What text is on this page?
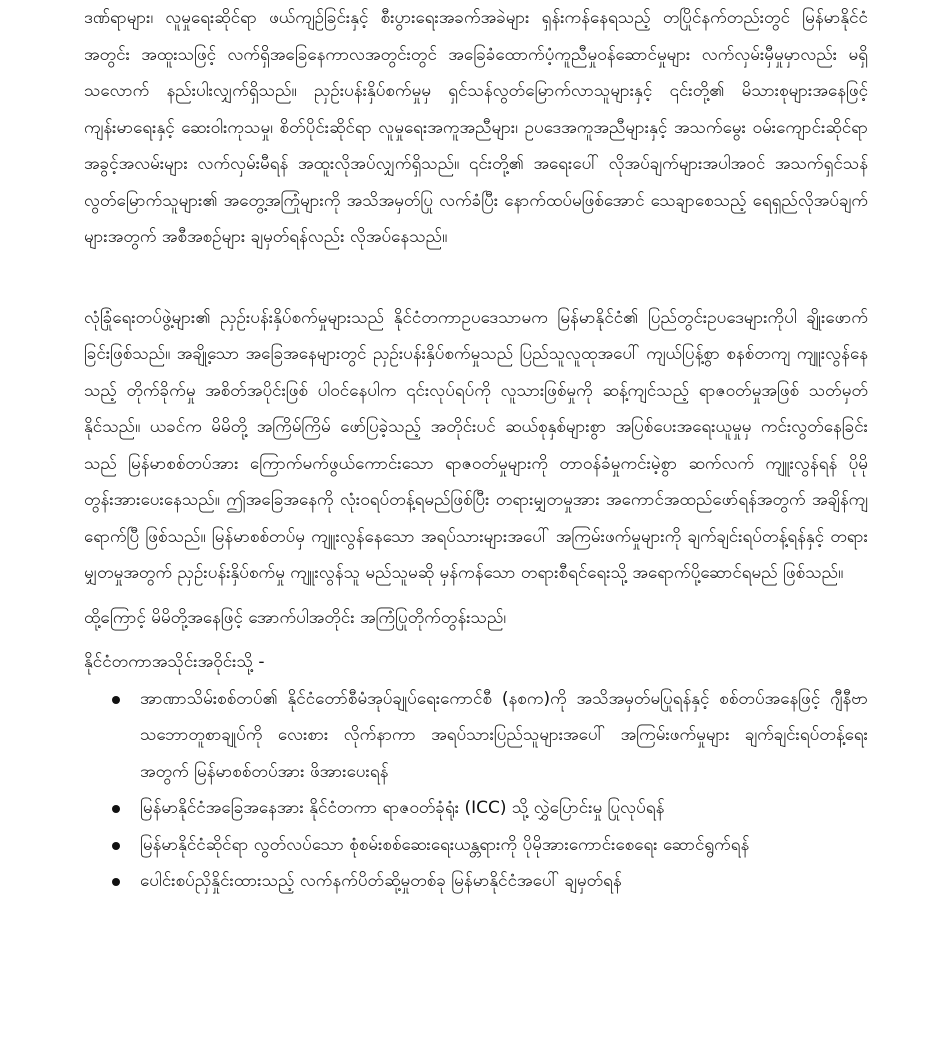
ဒဏ်ရာများ၊ လူမှုရေးဆိုင်ရာ ဖယ်ကျဉ်ခြင်းနှင့် စီးပွားရေးအခက်အခဲများ ရှန်းကန်နေရသည့် တပြိုင်နက်တည်းတွင် မြန်မာနိုင်ငံအတွင်း အထူးသဖြင့် လက်ရှိအခြေနေကာလအတွင်းတွင် အခြေခံထောက်ပံ့ကူညီမှုဝန်ဆောင်မှုများ လက်လှမ်းမှီမှုမှာလည်း မရှိသလောက် နည်းပါးလျှက်ရှိသည်။ ညှဉ်းပန်းနှိပ်စက်မှုမှ ရှင်သန်လွတ်မြောက်လာသူများနှင့် ၎င်းတို့၏ မိသားစုများအနေဖြင့် ကျန်းမာရေးနှင့် ဆေးဝါးကုသမှု၊ စိတ်ပိုင်းဆိုင်ရာ လူမှုရေးအကူအညီများ၊ ဥပဒေအကူအညီများနှင့် အသက်မွေး ဝမ်းကျောင်းဆိုင်ရာ အခွင့်အလမ်းများ လက်လှမ်းမီရန် အထူးလိုအပ်လျှက်ရှိသည်။ ၎င်းတို့၏ အရေးပေါ် လိုအပ်ချက်များအပါအဝင် အသက်ရှင်သန်လွတ်မြောက်သူများ၏ အတွေ့အကြုံများကို အသိအမှတ်ပြု လက်ခံပြီး နောက်ထပ်မဖြစ်အောင် သေချာစေသည့် ရေရှည်လိုအပ်ချက်များအတွက် အစီအစဉ်များ ချမှတ်ရန်လည်း လိုအပ်နေသည်။

လုံခြုံရေးတပ်ဖွဲ့များ၏ ညှဉ်းပန်းနှိပ်စက်မှုများသည် နိုင်ငံတကာဥပဒေသာမက မြန်မာနိုင်ငံ၏ ပြည်တွင်းဥပဒေများကိုပါ ချိုးဖောက်ခြင်းဖြစ်သည်။ အချို့သော အခြေအနေများတွင် ညှဉ်းပန်းနှိပ်စက်မှုသည် ပြည်သူလူထုအပေါ် ကျယ်ပြန့်စွာ စနစ်တကျ ကျူးလွန်နေသည့် တိုက်ခိုက်မှု အစိတ်အပိုင်းဖြစ် ပါဝင်နေပါက ၎င်းလုပ်ရပ်ကို လူသားဖြစ်မှုကို ဆန့်ကျင်သည့် ရာဇဝတ်မှုအဖြစ် သတ်မှတ်နိုင်သည်။ ယခင်က မိမိတို့ အကြိမ်ကြိမ် ဖော်ပြခဲ့သည့် အတိုင်းပင် ဆယ်စုနှစ်များစွာ အပြစ်ပေးအရေးယူမှုမှ ကင်းလွတ်နေခြင်းသည် မြန်မာစစ်တပ်အား ကြောက်မက်ဖွယ်ကောင်းသော ရာဇဝတ်မှုများကို တာဝန်ခံမှုကင်းမဲ့စွာ ဆက်လက် ကျူးလွန်ရန် ပိုမိုတွန်းအားပေးနေသည်။ ဤအခြေအနေကို လုံးဝရပ်တန့်ရမည်ဖြစ်ပြီး တရားမျှတမှုအား အကောင်အထည်ဖော်ရန်အတွက် အချိန်ကျရောက်ပြီ ဖြစ်သည်။ မြန်မာစစ်တပ်မှ ကျူးလွန်နေသော အရပ်သားများအပေါ် အကြမ်းဖက်မှုများကို ချက်ချင်းရပ်တန့်ရန်နှင့် တရားမျှတမှုအတွက် ညှဉ်းပန်းနှိပ်စက်မှု ကျူးလွန်သူ မည်သူမဆို မှန်ကန်သော တရားစီရင်ရေးသို့ အရောက်ပို့ဆောင်ရမည် ဖြစ်သည်။

ထို့ကြောင့် မိမိတို့အနေဖြင့် အောက်ပါအတိုင်း အကြံပြုတိုက်တွန်းသည်၊

နိုင်ငံတကာအသိုင်းအဝိုင်းသို့ -

အာဏာသိမ်းစစ်တပ်၏ နိုင်ငံတော်စီမံအုပ်ချုပ်ရေးကောင်စီ (နစက)ကို အသိအမှတ်မပြုရန်နှင့် စစ်တပ်အနေဖြင့် ဂျီနီဗာ သဘောတူစာချုပ်ကို လေးစား လိုက်နာကာ အရပ်သားပြည်သူများအပေါ် အကြမ်းဖက်မှုများ ချက်ချင်းရပ်တန့်ရေး အတွက် မြန်မာစစ်တပ်အား ဖိအားပေးရန်
မြန်မာနိုင်ငံအခြေအနေအား နိုင်ငံတကာ ရာဇဝတ်ခုံရုံး (ICC) သို့ လွှဲပြောင်းမှု ပြုလုပ်ရန်
မြန်မာနိုင်ငံဆိုင်ရာ လွတ်လပ်သော စုံစမ်းစစ်ဆေးရေးယန္တရားကို ပိုမိုအားကောင်းစေရေး ဆောင်ရွက်ရန်
ပေါင်းစပ်ညှိနှိုင်းထားသည့် လက်နက်ပိတ်ဆို့မှုတစ်ခု မြန်မာနိုင်ငံအပေါ် ချမှတ်ရန်
